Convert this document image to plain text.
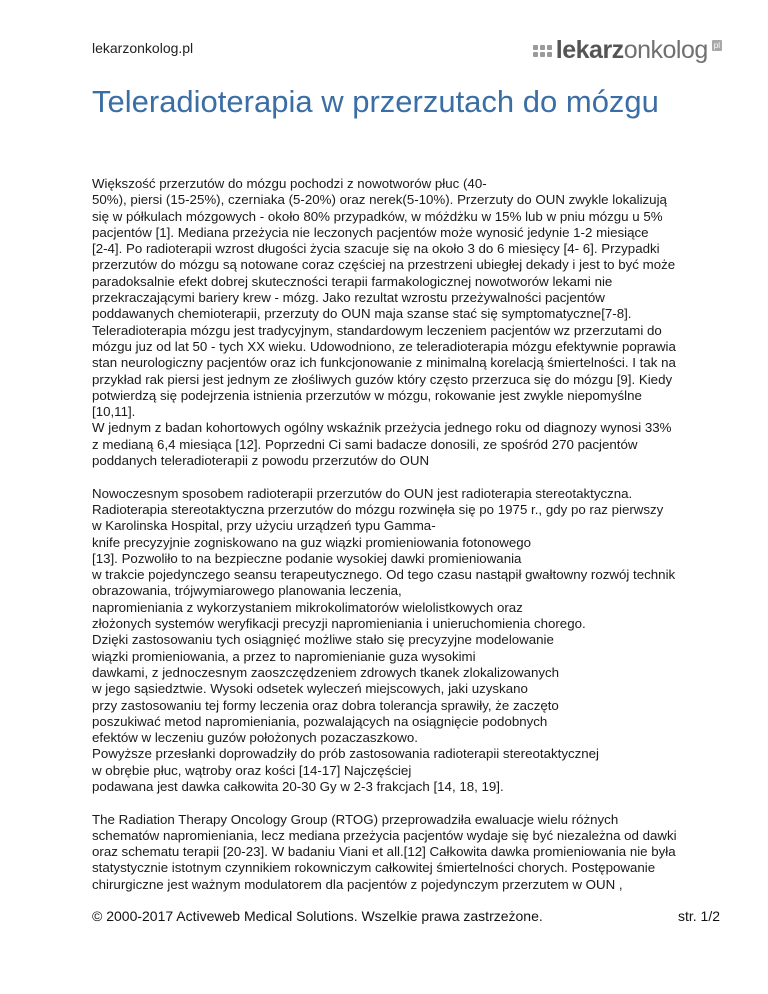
lekarzonkolog.pl	lekarzonkolog pl
Teleradioterapia w przerzutach do mózgu

Większość przerzutów do mózgu pochodzi z nowotworów płuc (40-
50%), piersi (15-25%), czerniaka (5-20%) oraz nerek(5-10%). Przerzuty do OUN zwykle lokalizują
się w półkulach mózgowych - około 80% przypadków, w móżdżku w 15% lub w pniu mózgu u 5%
pacjentów [1]. Mediana przeżycia nie leczonych pacjentów może wynosić jedynie 1-2 miesiące
[2-4]. Po radioterapii wzrost długości życia szacuje się na około 3 do 6 miesięcy [4- 6]. Przypadki
przerzutów do mózgu są notowane coraz częściej na przestrzeni ubiegłej dekady i jest to być może
paradoksalnie efekt dobrej skuteczności terapii farmakologicznej nowotworów lekami nie
przekraczającymi bariery krew - mózg. Jako rezultat wzrostu przeżywalności pacjentów
poddawanych chemioterapii, przerzuty do OUN maja szanse stać się symptomatyczne[7-8].
Teleradioterapia mózgu jest tradycyjnym, standardowym leczeniem pacjentów wz przerzutami do
mózgu juz od lat 50 - tych XX wieku. Udowodniono, ze teleradioterapia mózgu efektywnie poprawia
stan neurologiczny pacjentów oraz ich funkcjonowanie z minimalną korelacją śmiertelności. I tak na
przykład rak piersi jest jednym ze złośliwych guzów który często przerzuca się do mózgu [9]. Kiedy
potwierdzą się podejrzenia istnienia przerzutów w mózgu, rokowanie jest zwykle niepomyślne
[10,11].
W jednym z badan kohortowych ogólny wskaźnik przeżycia jednego roku od diagnozy wynosi 33%
z medianą 6,4 miesiąca [12]. Poprzedni Ci sami badacze donosili, ze spośród 270 pacjentów
poddanych teleradioterapii z powodu przerzutów do OUN

Nowoczesnym sposobem radioterapii przerzutów do OUN jest radioterapia stereotaktyczna.
Radioterapia stereotaktyczna przerzutów do mózgu rozwinęła się po 1975 r., gdy po raz pierwszy
w Karolinska Hospital, przy użyciu urządzeń typu Gamma-
knife precyzyjnie zogniskowano na guz wiązki promieniowania fotonowego
[13]. Pozwoliło to na bezpieczne podanie wysokiej dawki promieniowania
w trakcie pojedynczego seansu terapeutycznego. Od tego czasu nastąpił gwałtowny rozwój technik
obrazowania, trójwymiarowego planowania leczenia,
napromieniania z wykorzystaniem mikrokolimatorów wielolistkowych oraz
złożonych systemów weryfikacji precyzji napromieniania i unieruchomienia chorego.
Dzięki zastosowaniu tych osiągnięć możliwe stało się precyzyjne modelowanie
wiązki promieniowania, a przez to napromienianie guza wysokimi
dawkami, z jednoczesnym zaoszczędzeniem zdrowych tkanek zlokalizowanych
w jego sąsiedztwie. Wysoki odsetek wyleczeń miejscowych, jaki uzyskano
przy zastosowaniu tej formy leczenia oraz dobra tolerancja sprawiły, że zaczęto
poszukiwać metod napromieniania, pozwalających na osiągnięcie podobnych
efektów w leczeniu guzów położonych pozaczaszkowo.
Powyższe przesłanki doprowadziły do prób zastosowania radioterapii stereotaktycznej
w obrębie płuc, wątroby oraz kości [14-17] Najczęściej
podawana jest dawka całkowita 20-30 Gy w 2-3 frakcjach [14, 18, 19].

The Radiation Therapy Oncology Group (RTOG) przeprowadziła ewaluacje wielu różnych
schematów napromieniania, lecz mediana przeżycia pacjentów wydaje się być niezależna od dawki
oraz schematu terapii [20-23]. W badaniu Viani et all.[12] Całkowita dawka promieniowania nie była
statystycznie istotnym czynnikiem rokowniczym całkowitej śmiertelności chorych. Postępowanie
chirurgiczne jest ważnym modulatorem dla pacjentów z pojedynczym przerzutem w OUN ,

© 2000-2017 Activeweb Medical Solutions. Wszelkie prawa zastrzeżone.	str. 1/2
